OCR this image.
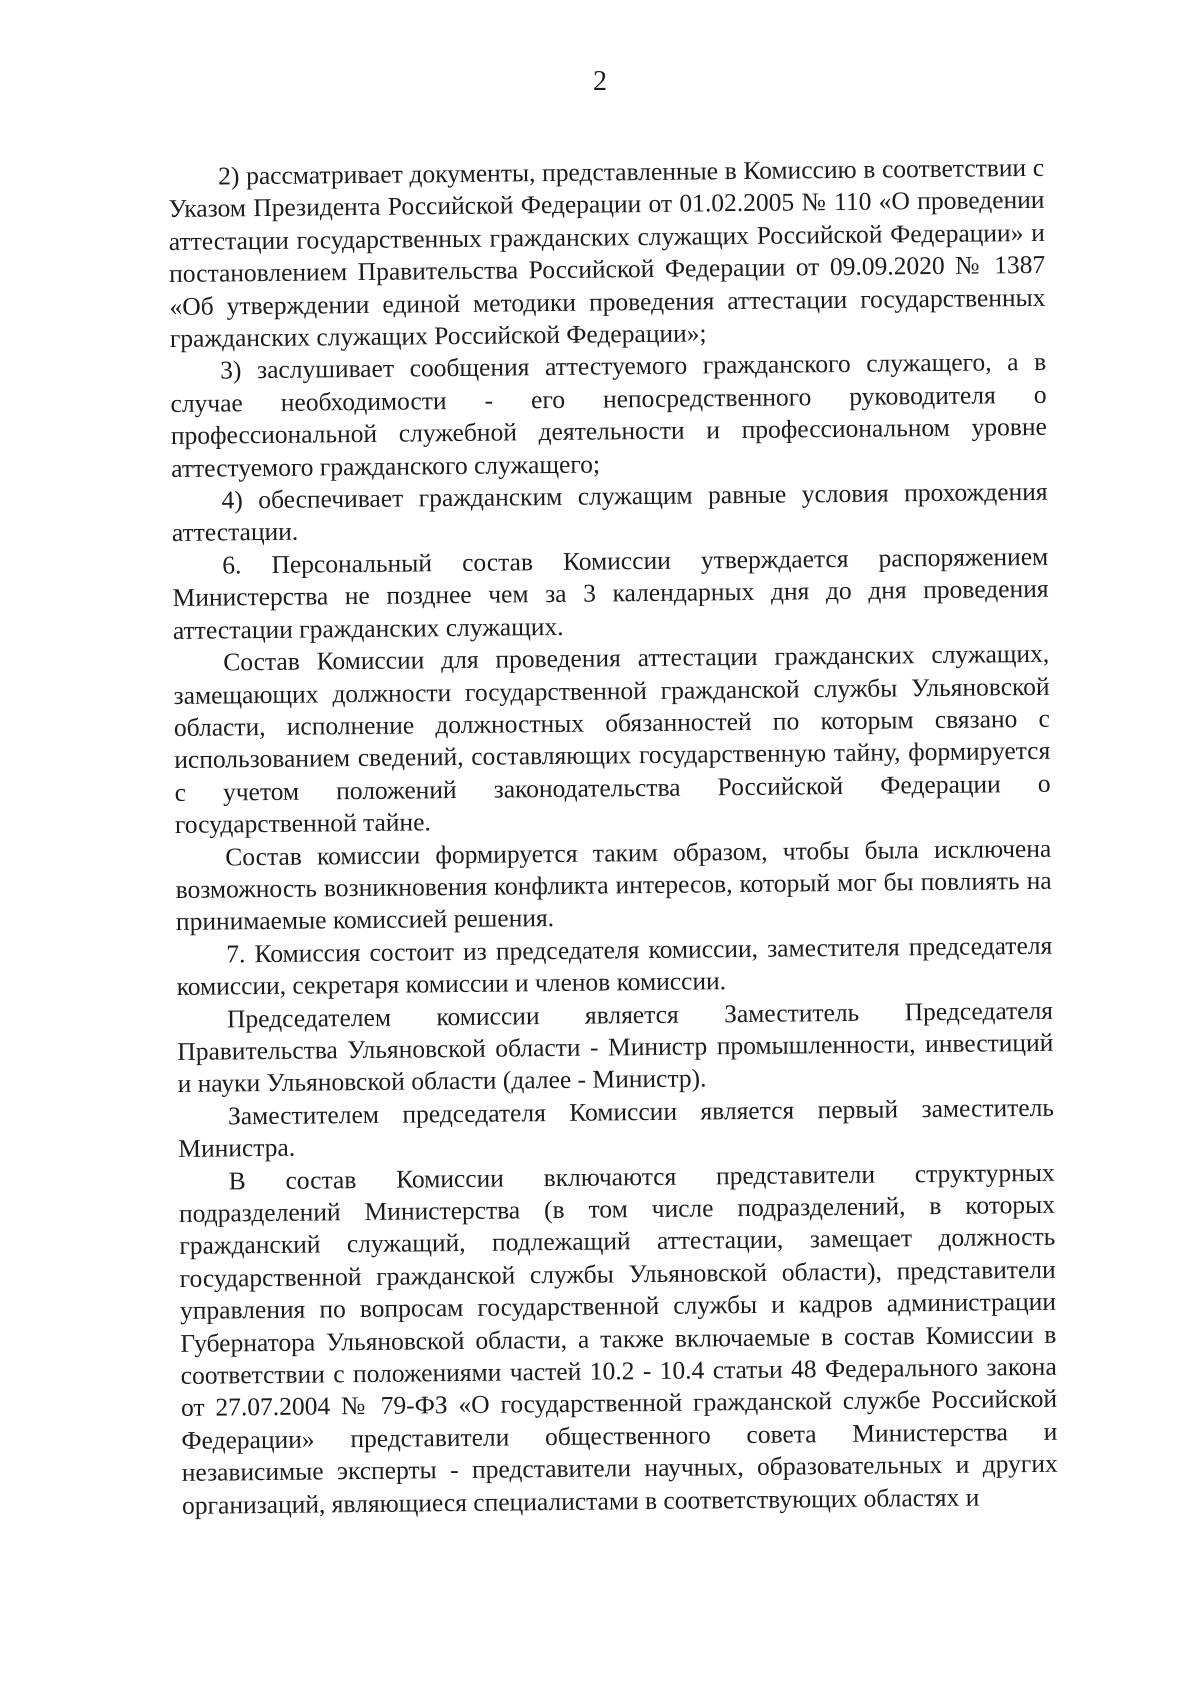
2

2) рассматривает документы, представленные в Комиссию в соответствии с Указом Президента Российской Федерации от 01.02.2005 № 110 «О проведении аттестации государственных гражданских служащих Российской Федерации» и постановлением Правительства Российской Федерации от 09.09.2020 № 1387 «Об утверждении единой методики проведения аттестации государственных гражданских служащих Российской Федерации»;

3) заслушивает сообщения аттестуемого гражданского служащего, а в случае необходимости - его непосредственного руководителя о профессиональной служебной деятельности и профессиональном уровне аттестуемого гражданского служащего;

4) обеспечивает гражданским служащим равные условия прохождения аттестации.

6. Персональный состав Комиссии утверждается распоряжением Министерства не позднее чем за 3 календарных дня до дня проведения аттестации гражданских служащих.

Состав Комиссии для проведения аттестации гражданских служащих, замещающих должности государственной гражданской службы Ульяновской области, исполнение должностных обязанностей по которым связано с использованием сведений, составляющих государственную тайну, формируется с учетом положений законодательства Российской Федерации о государственной тайне.

Состав комиссии формируется таким образом, чтобы была исключена возможность возникновения конфликта интересов, который мог бы повлиять на принимаемые комиссией решения.

7. Комиссия состоит из председателя комиссии, заместителя председателя комиссии, секретаря комиссии и членов комиссии.

Председателем комиссии является Заместитель Председателя Правительства Ульяновской области - Министр промышленности, инвестиций и науки Ульяновской области (далее - Министр).

Заместителем председателя Комиссии является первый заместитель Министра.

В состав Комиссии включаются представители структурных подразделений Министерства (в том числе подразделений, в которых гражданский служащий, подлежащий аттестации, замещает должность государственной гражданской службы Ульяновской области), представители управления по вопросам государственной службы и кадров администрации Губернатора Ульяновской области, а также включаемые в состав Комиссии в соответствии с положениями частей 10.2 - 10.4 статьи 48 Федерального закона от 27.07.2004 № 79-ФЗ «О государственной гражданской службе Российской Федерации» представители общественного совета Министерства и независимые эксперты - представители научных, образовательных и других организаций, являющиеся специалистами в соответствующих областях и
